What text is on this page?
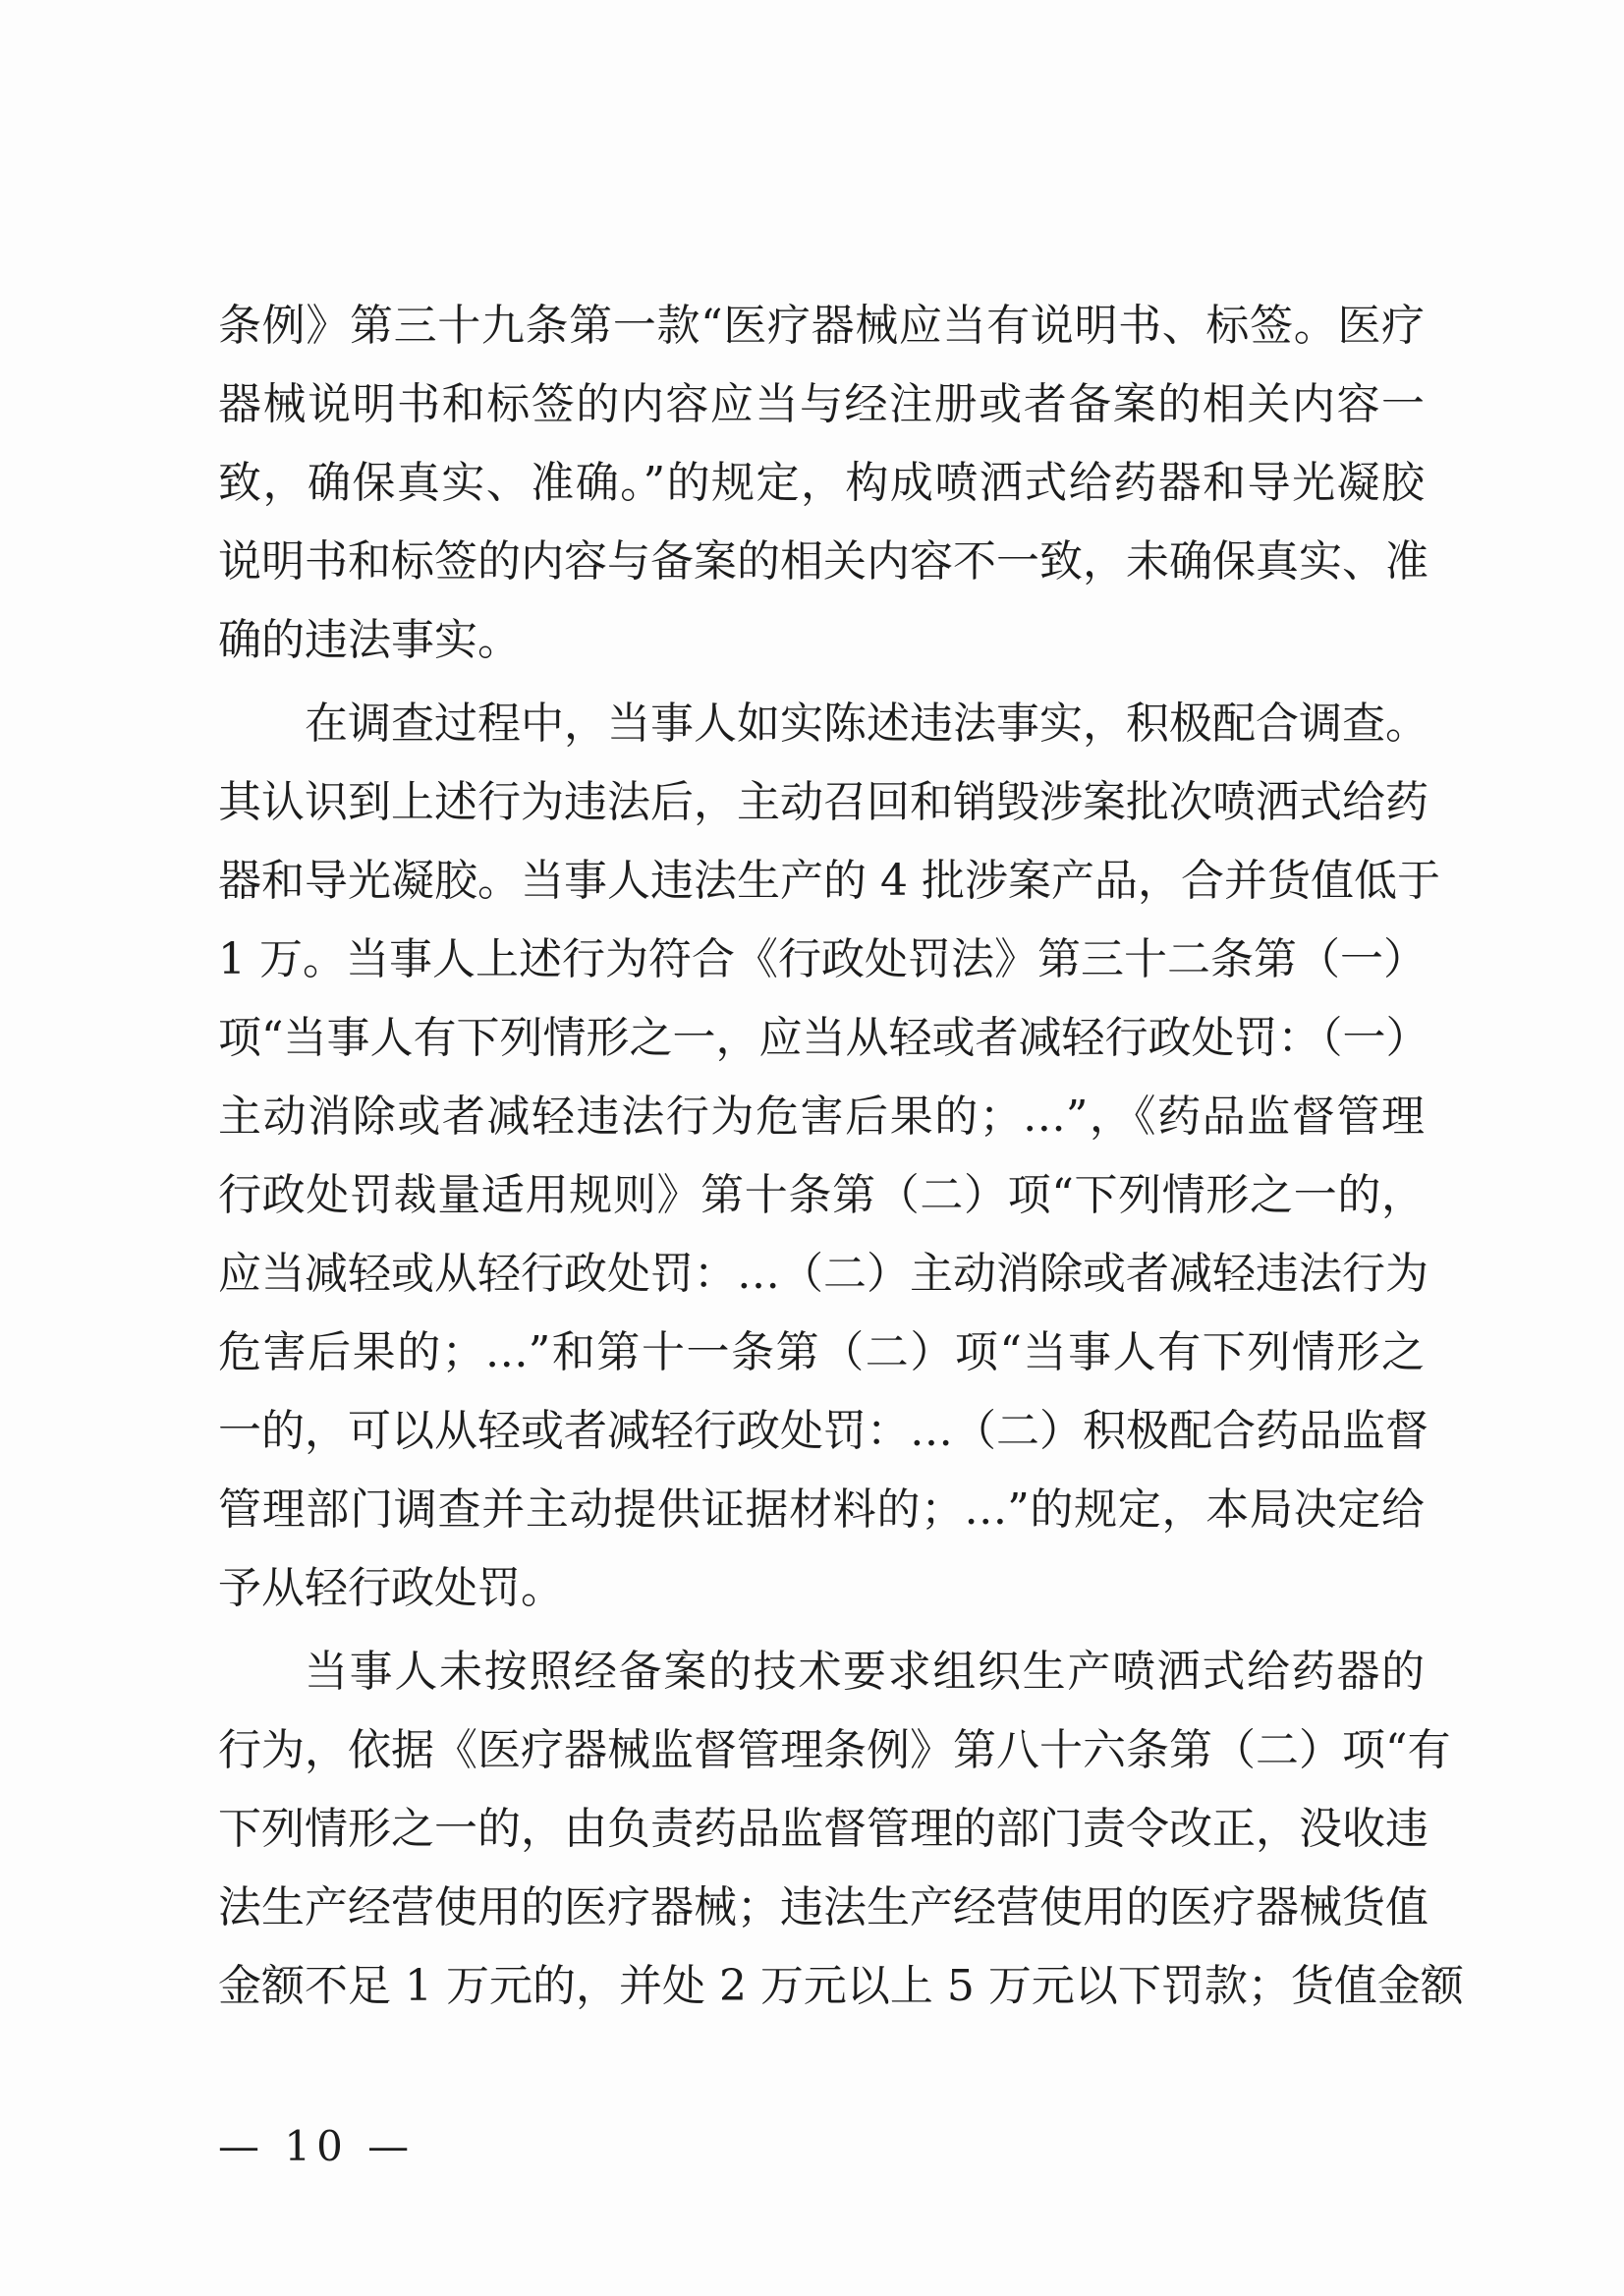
条例》第三十九条第一款“医疗器械应当有说明书、标签。医疗
器械说明书和标签的内容应当与经注册或者备案的相关内容一
致，确保真实、准确。”的规定，构成喷洒式给药器和导光凝胶
说明书和标签的内容与备案的相关内容不一致，未确保真实、准
确的违法事实。
在调查过程中，当事人如实陈述违法事实，积极配合调查。
其认识到上述行为违法后，主动召回和销毁涉案批次喷洒式给药
器和导光凝胶。当事人违法生产的 4 批涉案产品，合并货值低于
1 万。当事人上述行为符合《行政处罚法》第三十二条第（一）
项“当事人有下列情形之一，应当从轻或者减轻行政处罚：（一）
主动消除或者减轻违法行为危害后果的；…”，《药品监督管理
行政处罚裁量适用规则》第十条第（二）项“下列情形之一的，
应当减轻或从轻行政处罚：…（二）主动消除或者减轻违法行为
危害后果的；…”和第十一条第（二）项“当事人有下列情形之
一的，可以从轻或者减轻行政处罚：…（二）积极配合药品监督
管理部门调查并主动提供证据材料的；…”的规定，本局决定给
予从轻行政处罚。
当事人未按照经备案的技术要求组织生产喷洒式给药器的
行为，依据《医疗器械监督管理条例》第八十六条第（二）项“有
下列情形之一的，由负责药品监督管理的部门责令改正，没收违
法生产经营使用的医疗器械；违法生产经营使用的医疗器械货值
金额不足 1 万元的，并处 2 万元以上 5 万元以下罚款；货值金额
— 10 —
